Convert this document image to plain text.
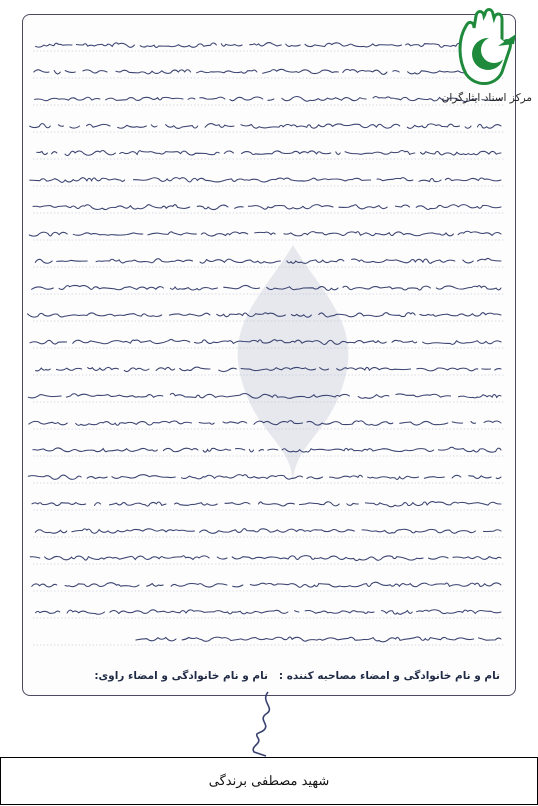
مرکز اسناد ایثارگران
نام و نام خانوادگی و امضاء مصاحبه کننده :
نام و نام خانوادگی و امضاء راوی:
شهید مصطفی برندگی
